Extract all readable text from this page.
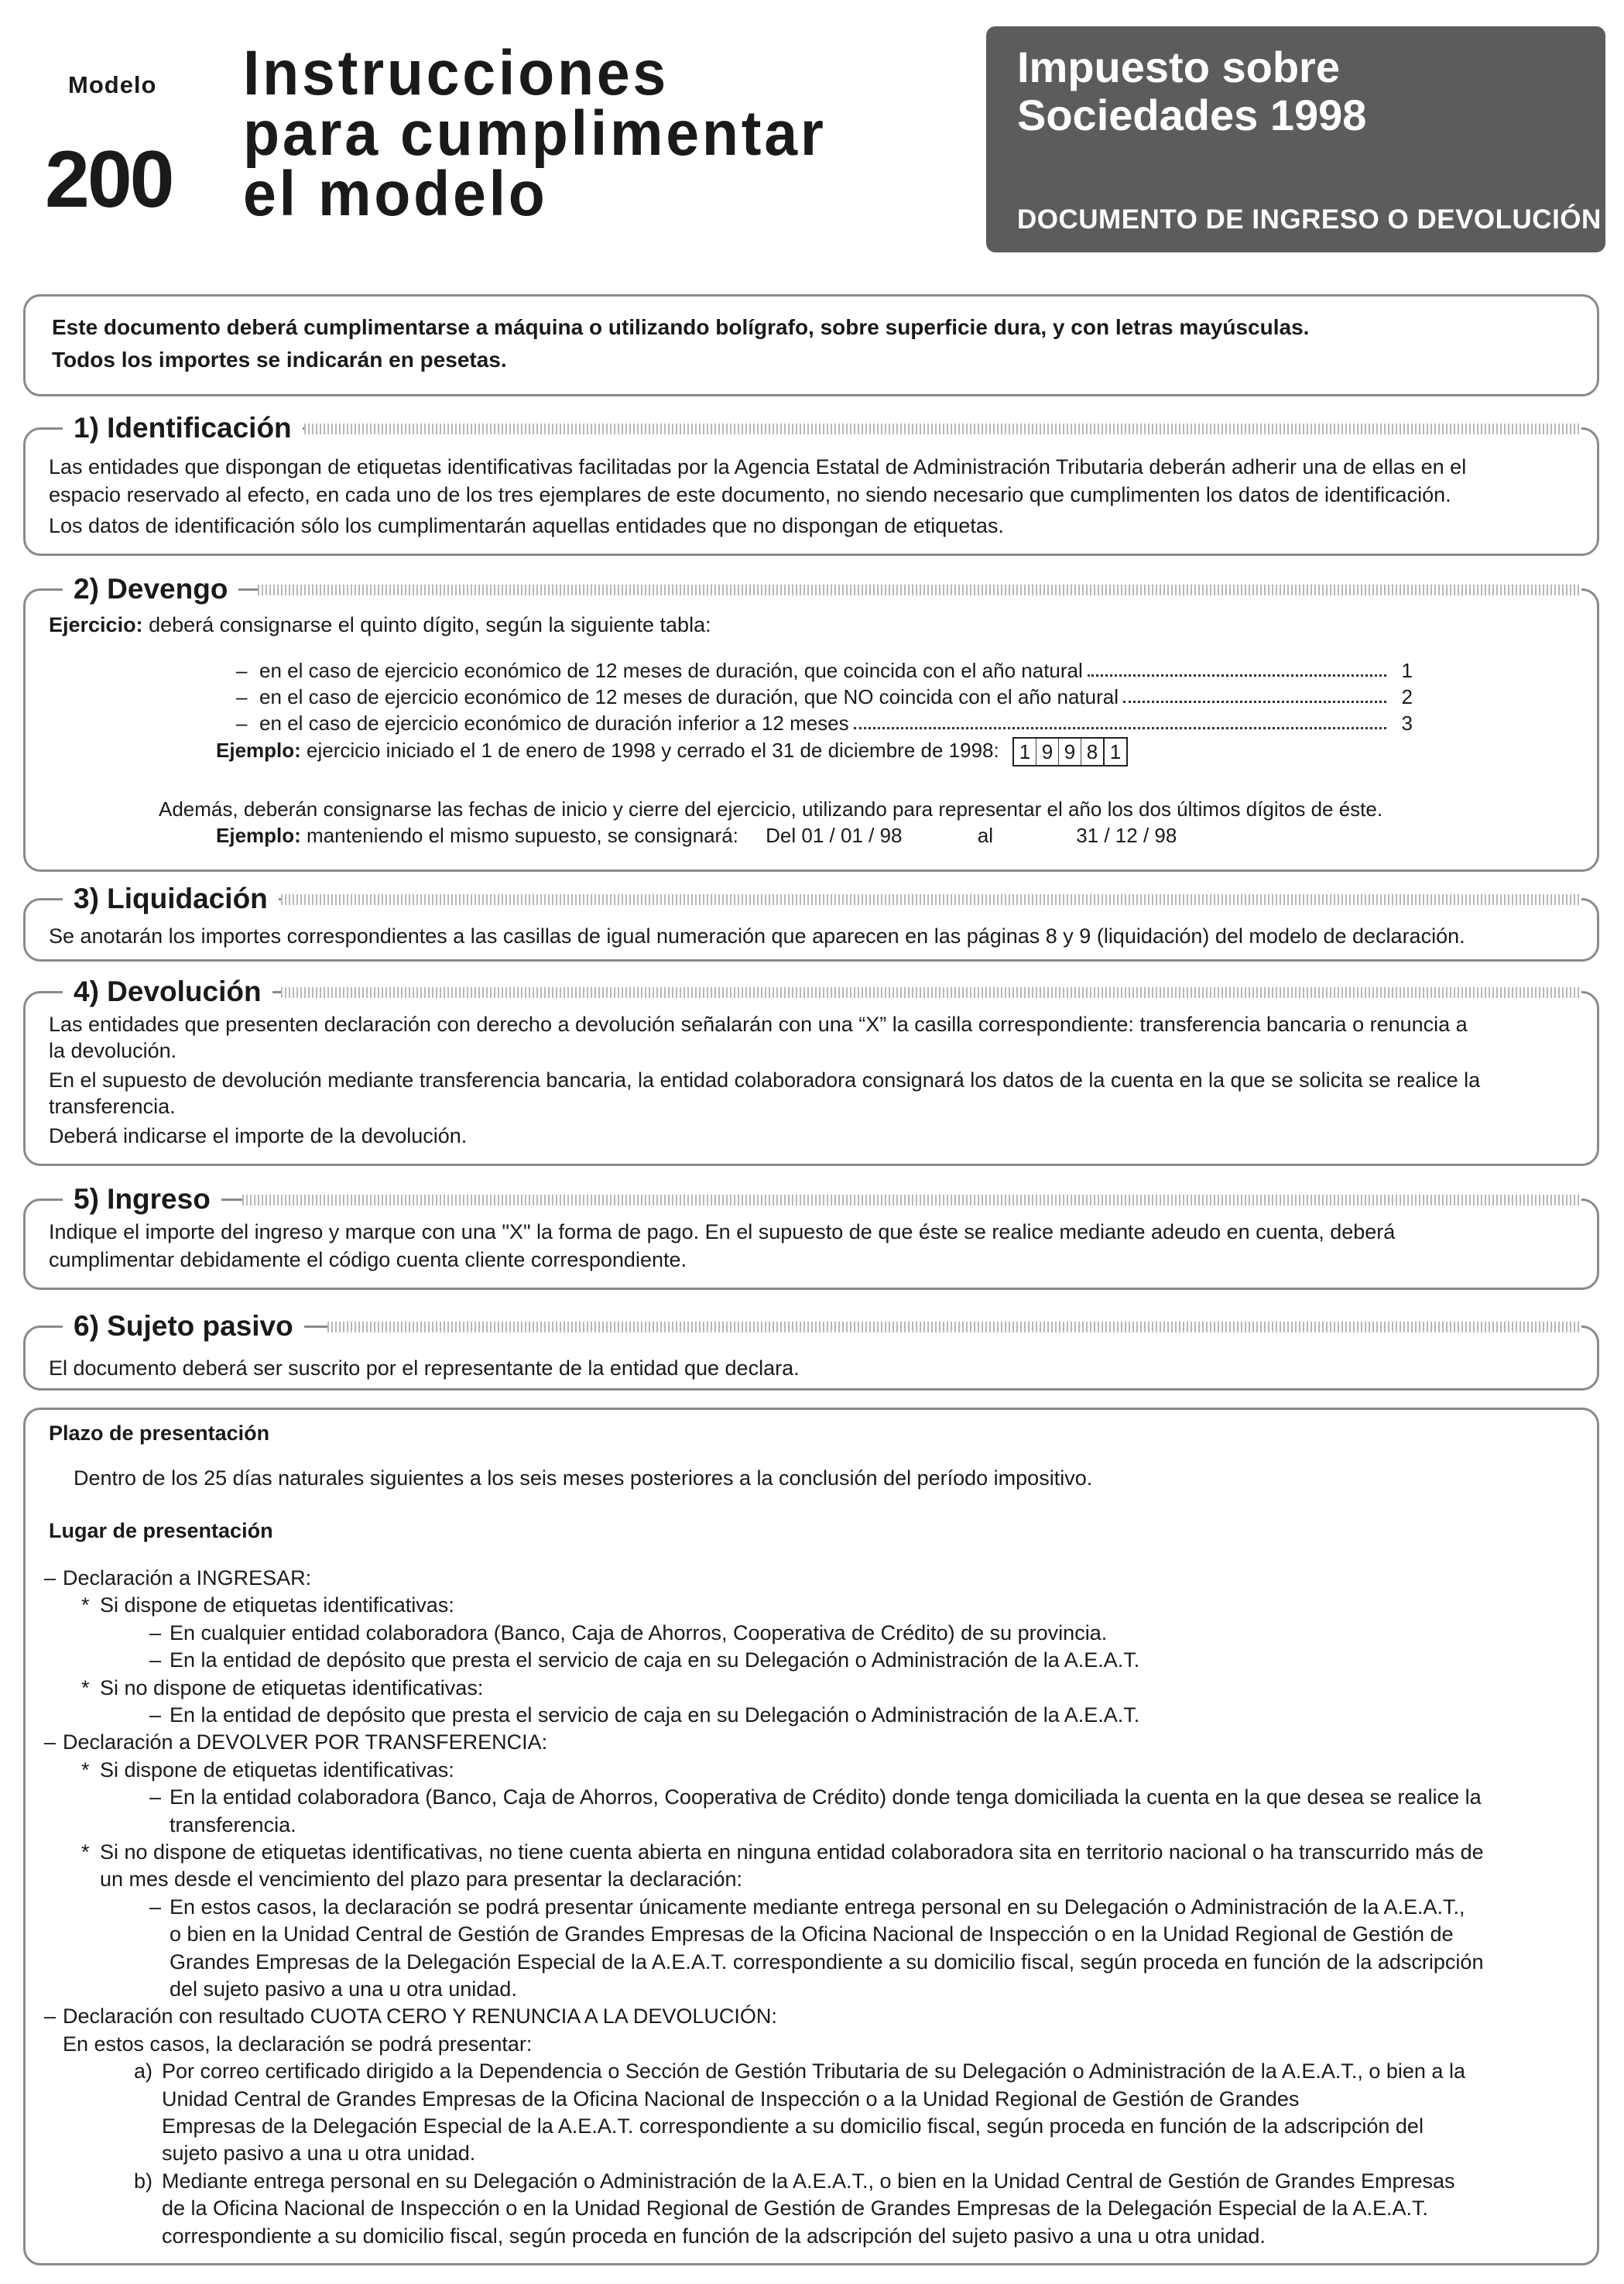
Modelo
200
Instrucciones
para cumplimentar
el modelo
Impuesto sobre
Sociedades 1998
DOCUMENTO DE INGRESO O DEVOLUCIÓN
Este documento deberá cumplimentarse a máquina o utilizando bolígrafo, sobre superficie dura, y con letras mayúsculas.
Todos los importes se indicarán en pesetas.
1) Identificación
Las entidades que dispongan de etiquetas identificativas facilitadas por la Agencia Estatal de Administración Tributaria deberán adherir una de ellas en el
espacio reservado al efecto, en cada uno de los tres ejemplares de este documento, no siendo necesario que cumplimenten los datos de identificación.
Los datos de identificación sólo los cumplimentarán aquellas entidades que no dispongan de etiquetas.
2) Devengo
Ejercicio: deberá consignarse el quinto dígito, según la siguiente tabla:
– en el caso de ejercicio económico de 12 meses de duración, que coincida con el año natural	1
– en el caso de ejercicio económico de 12 meses de duración, que NO coincida con el año natural	2
– en el caso de ejercicio económico de duración inferior a 12 meses	3
Ejemplo: ejercicio iniciado el 1 de enero de 1998 y cerrado el 31 de diciembre de 1998: 1 9 9 8 1
Además, deberán consignarse las fechas de inicio y cierre del ejercicio, utilizando para representar el año los dos últimos dígitos de éste.
Ejemplo: manteniendo el mismo supuesto, se consignará: Del 01 / 01 / 98	al	31 / 12 / 98
3) Liquidación
Se anotarán los importes correspondientes a las casillas de igual numeración que aparecen en las páginas 8 y 9 (liquidación) del modelo de declaración.
4) Devolución
Las entidades que presenten declaración con derecho a devolución señalarán con una “X” la casilla correspondiente: transferencia bancaria o renuncia a
la devolución.
En el supuesto de devolución mediante transferencia bancaria, la entidad colaboradora consignará los datos de la cuenta en la que se solicita se realice la
transferencia.
Deberá indicarse el importe de la devolución.
5) Ingreso
Indique el importe del ingreso y marque con una "X" la forma de pago. En el supuesto de que éste se realice mediante adeudo en cuenta, deberá
cumplimentar debidamente el código cuenta cliente correspondiente.
6) Sujeto pasivo
El documento deberá ser suscrito por el representante de la entidad que declara.
Plazo de presentación
Dentro de los 25 días naturales siguientes a los seis meses posteriores a la conclusión del período impositivo.
Lugar de presentación
– Declaración a INGRESAR:
* Si dispone de etiquetas identificativas:
– En cualquier entidad colaboradora (Banco, Caja de Ahorros, Cooperativa de Crédito) de su provincia.
– En la entidad de depósito que presta el servicio de caja en su Delegación o Administración de la A.E.A.T.
* Si no dispone de etiquetas identificativas:
– En la entidad de depósito que presta el servicio de caja en su Delegación o Administración de la A.E.A.T.
– Declaración a DEVOLVER POR TRANSFERENCIA:
* Si dispone de etiquetas identificativas:
– En la entidad colaboradora (Banco, Caja de Ahorros, Cooperativa de Crédito) donde tenga domiciliada la cuenta en la que desea se realice la
transferencia.
* Si no dispone de etiquetas identificativas, no tiene cuenta abierta en ninguna entidad colaboradora sita en territorio nacional o ha transcurrido más de
un mes desde el vencimiento del plazo para presentar la declaración:
– En estos casos, la declaración se podrá presentar únicamente mediante entrega personal en su Delegación o Administración de la A.E.A.T.,
o bien en la Unidad Central de Gestión de Grandes Empresas de la Oficina Nacional de Inspección o en la Unidad Regional de Gestión de
Grandes Empresas de la Delegación Especial de la A.E.A.T. correspondiente a su domicilio fiscal, según proceda en función de la adscripción
del sujeto pasivo a una u otra unidad.
– Declaración con resultado CUOTA CERO Y RENUNCIA A LA DEVOLUCIÓN:
En estos casos, la declaración se podrá presentar:
a) Por correo certificado dirigido a la Dependencia o Sección de Gestión Tributaria de su Delegación o Administración de la A.E.A.T., o bien a la
Unidad Central de Grandes Empresas de la Oficina Nacional de Inspección o a la Unidad Regional de Gestión de Grandes
Empresas de la Delegación Especial de la A.E.A.T. correspondiente a su domicilio fiscal, según proceda en función de la adscripción del
sujeto pasivo a una u otra unidad.
b) Mediante entrega personal en su Delegación o Administración de la A.E.A.T., o bien en la Unidad Central de Gestión de Grandes Empresas
de la Oficina Nacional de Inspección o en la Unidad Regional de Gestión de Grandes Empresas de la Delegación Especial de la A.E.A.T.
correspondiente a su domicilio fiscal, según proceda en función de la adscripción del sujeto pasivo a una u otra unidad.
